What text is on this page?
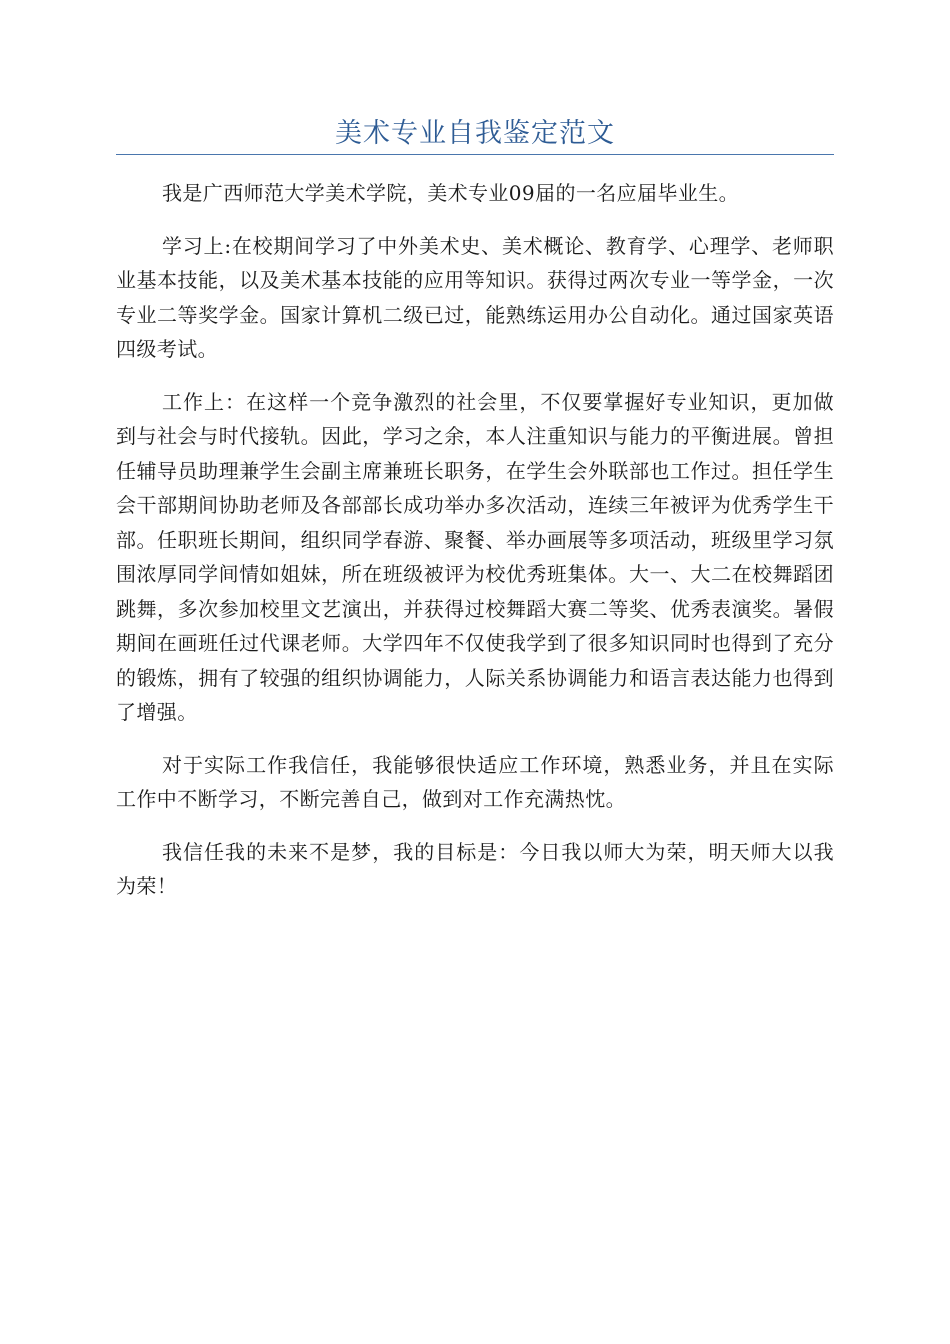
美术专业自我鉴定范文

我是广西师范大学美术学院，美术专业09届的一名应届毕业生。

学习上:在校期间学习了中外美术史、美术概论、教育学、心理学、老师职业基本技能，以及美术基本技能的应用等知识。获得过两次专业一等学金，一次专业二等奖学金。国家计算机二级已过，能熟练运用办公自动化。通过国家英语四级考试。

工作上：在这样一个竞争激烈的社会里，不仅要掌握好专业知识，更加做到与社会与时代接轨。因此，学习之余，本人注重知识与能力的平衡进展。曾担任辅导员助理兼学生会副主席兼班长职务，在学生会外联部也工作过。担任学生会干部期间协助老师及各部部长成功举办多次活动，连续三年被评为优秀学生干部。任职班长期间，组织同学春游、聚餐、举办画展等多项活动，班级里学习氛围浓厚同学间情如姐妹，所在班级被评为校优秀班集体。大一、大二在校舞蹈团跳舞，多次参加校里文艺演出，并获得过校舞蹈大赛二等奖、优秀表演奖。暑假期间在画班任过代课老师。大学四年不仅使我学到了很多知识同时也得到了充分的锻炼，拥有了较强的组织协调能力，人际关系协调能力和语言表达能力也得到了增强。

对于实际工作我信任，我能够很快适应工作环境，熟悉业务，并且在实际工作中不断学习，不断完善自己，做到对工作充满热忱。

我信任我的未来不是梦，我的目标是：今日我以师大为荣，明天师大以我为荣！
